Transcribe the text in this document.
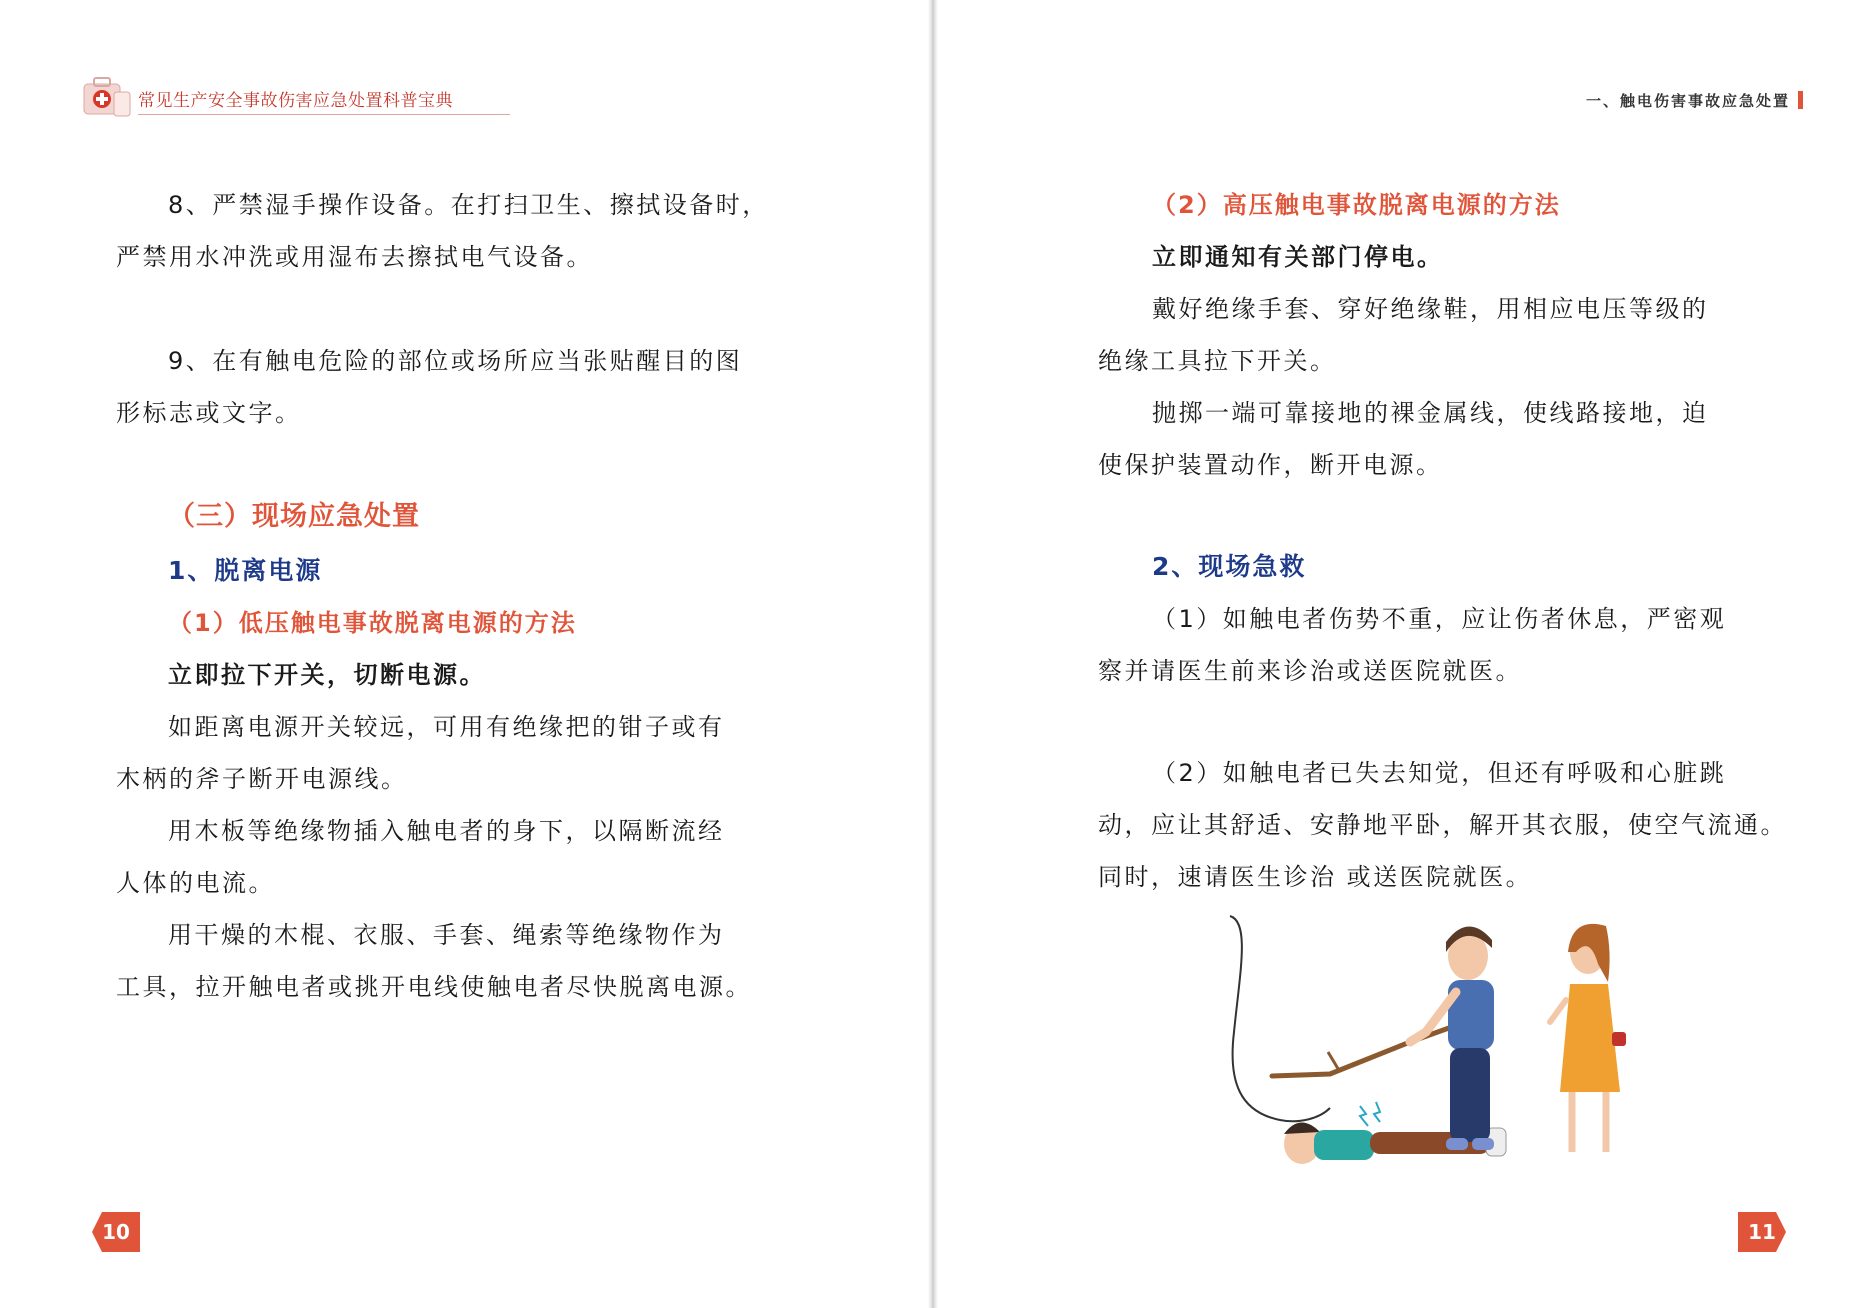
常见生产安全事故伤害应急处置科普宝典	一、触电伤害事故应急处置
8、严禁湿手操作设备。在打扫卫生、擦拭设备时，
严禁用水冲洗或用湿布去擦拭电气设备。
9、在有触电危险的部位或场所应当张贴醒目的图
形标志或文字。
（三）现场应急处置
1、脱离电源
（1）低压触电事故脱离电源的方法
立即拉下开关，切断电源。
如距离电源开关较远，可用有绝缘把的钳子或有
木柄的斧子断开电源线。
用木板等绝缘物插入触电者的身下，以隔断流经
人体的电流。
用干燥的木棍、衣服、手套、绳索等绝缘物作为
工具，拉开触电者或挑开电线使触电者尽快脱离电源。
（2）高压触电事故脱离电源的方法
立即通知有关部门停电。
戴好绝缘手套、穿好绝缘鞋，用相应电压等级的
绝缘工具拉下开关。
抛掷一端可靠接地的裸金属线，使线路接地，迫
使保护装置动作，断开电源。
2、现场急救
（1）如触电者伤势不重，应让伤者休息，严密观
察并请医生前来诊治或送医院就医。
（2）如触电者已失去知觉，但还有呼吸和心脏跳
动，应让其舒适、安静地平卧，解开其衣服，使空气流通。
同时，速请医生诊治 或送医院就医。
10	11
